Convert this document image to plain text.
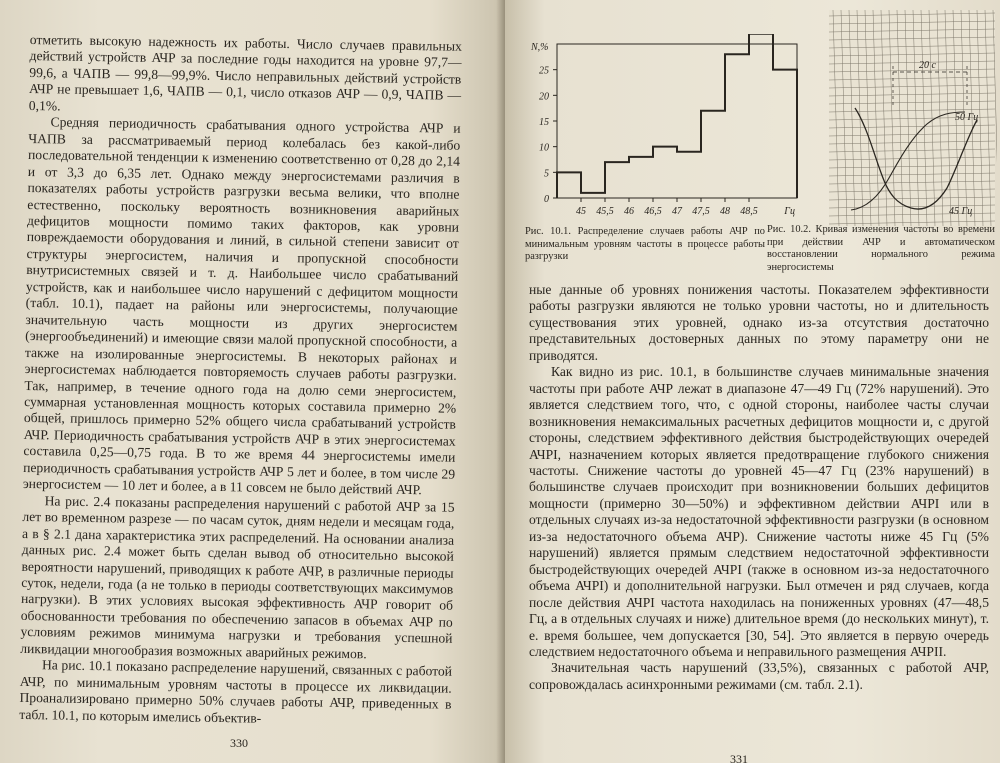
отметить высокую надежность их работы. Число случаев правильных действий устройств АЧР за последние годы находится на уровне 97,7—99,6, а ЧАПВ — 99,8—99,9%. Число неправильных действий устройств АЧР не превышает 1,6, ЧАПВ — 0,1, число отказов АЧР — 0,9, ЧАПВ — 0,1%.

Средняя периодичность срабатывания одного устройства АЧР и ЧАПВ за рассматриваемый период колебалась без какой-либо последовательной тенденции к изменению соответственно от 0,28 до 2,14 и от 3,3 до 6,35 лет. Однако между энергосистемами различия в показателях работы устройств разгрузки весьма велики, что вполне естественно, поскольку вероятность возникновения аварийных дефицитов мощности помимо таких факторов, как уровни повреждаемости оборудования и линий, в сильной степени зависит от структуры энергосистем, наличия и пропускной способности внутрисистемных связей и т. д. Наибольшее число срабатываний устройств, как и наибольшее число нарушений с дефицитом мощности (табл. 10.1), падает на районы или энергосистемы, получающие значительную часть мощности из других энергосистем (энергообъединений) и имеющие связи малой пропускной способности, а также на изолированные энергосистемы. В некоторых районах и энергосистемах наблюдается повторяемость случаев работы разгрузки. Так, например, в течение одного года на долю семи энергосистем, суммарная установленная мощность которых составила примерно 2% общей, пришлось примерно 52% общего числа срабатываний устройств АЧР. Периодичность срабатывания устройств АЧР в этих энергосистемах составила 0,25—0,75 года. В то же время 44 энергосистемы имели периодичность срабатывания устройств АЧР 5 лет и более, в том числе 29 энергосистем — 10 лет и более, а в 11 совсем не было действий АЧР.

На рис. 2.4 показаны распределения нарушений с работой АЧР за 15 лет во временном разрезе — по часам суток, дням недели и месяцам года, а в § 2.1 дана характеристика этих распределений. На основании анализа данных рис. 2.4 может быть сделан вывод об относительно высокой вероятности нарушений, приводящих к работе АЧР, в различные периоды суток, недели, года (а не только в периоды соответствующих максимумов нагрузки). В этих условиях высокая эффективность АЧР говорит об обоснованности требования по обеспечению запасов в объемах АЧР по условиям режимов минимума нагрузки и требования успешной ликвидации многообразия возможных аварийных режимов.

На рис. 10.1 показано распределение нарушений, связанных с работой АЧР, по минимальным уровням частоты в процессе их ликвидации. Проанализировано примерно 50% случаев работы АЧР, приведенных в табл. 10.1, по которым имелись объектив-

330
0
5
10
15
20
25
N,%
45 45,5 46 46,5 47 47,5 48 48,5	Гц
20 с
50 Гц
45 Гц
Рис. 10.1. Распределение случаев работы АЧР по минимальным уровням частоты в процессе работы разгрузки
Рис. 10.2. Кривая изменения частоты во времени при действии АЧР и автоматическом восстановлении нормального режима энергосистемы

ные данные об уровнях понижения частоты. Показателем эффективности работы разгрузки являются не только уровни частоты, но и длительность существования этих уровней, однако из-за отсутствия достаточно представительных достоверных данных по этому параметру они не приводятся.

Как видно из рис. 10.1, в большинстве случаев минимальные значения частоты при работе АЧР лежат в диапазоне 47—49 Гц (72% нарушений). Это является следствием того, что, с одной стороны, наиболее часты случаи возникновения немаксимальных расчетных дефицитов мощности и, с другой стороны, следствием эффективного действия быстродействующих очередей АЧРI, назначением которых является предотвращение глубокого снижения частоты. Снижение частоты до уровней 45—47 Гц (23% нарушений) в большинстве случаев происходит при возникновении больших дефицитов мощности (примерно 30—50%) и эффективном действии АЧРI или в отдельных случаях из-за недостаточной эффективности разгрузки (в основном из-за недостаточного объема АЧР). Снижение частоты ниже 45 Гц (5% нарушений) является прямым следствием недостаточной эффективности быстродействующих очередей АЧРI (также в основном из-за недостаточного объема АЧРI) и дополнительной нагрузки. Был отмечен и ряд случаев, когда после действия АЧРI частота находилась на пониженных уровнях (47—48,5 Гц, а в отдельных случаях и ниже) длительное время (до нескольких минут), т. е. время большее, чем допускается [30, 54]. Это является в первую очередь следствием недостаточного объема и неправильного размещения АЧРII.

Значительная часть нарушений (33,5%), связанных с работой АЧР, сопровождалась асинхронными режимами (см. табл. 2.1).

331
